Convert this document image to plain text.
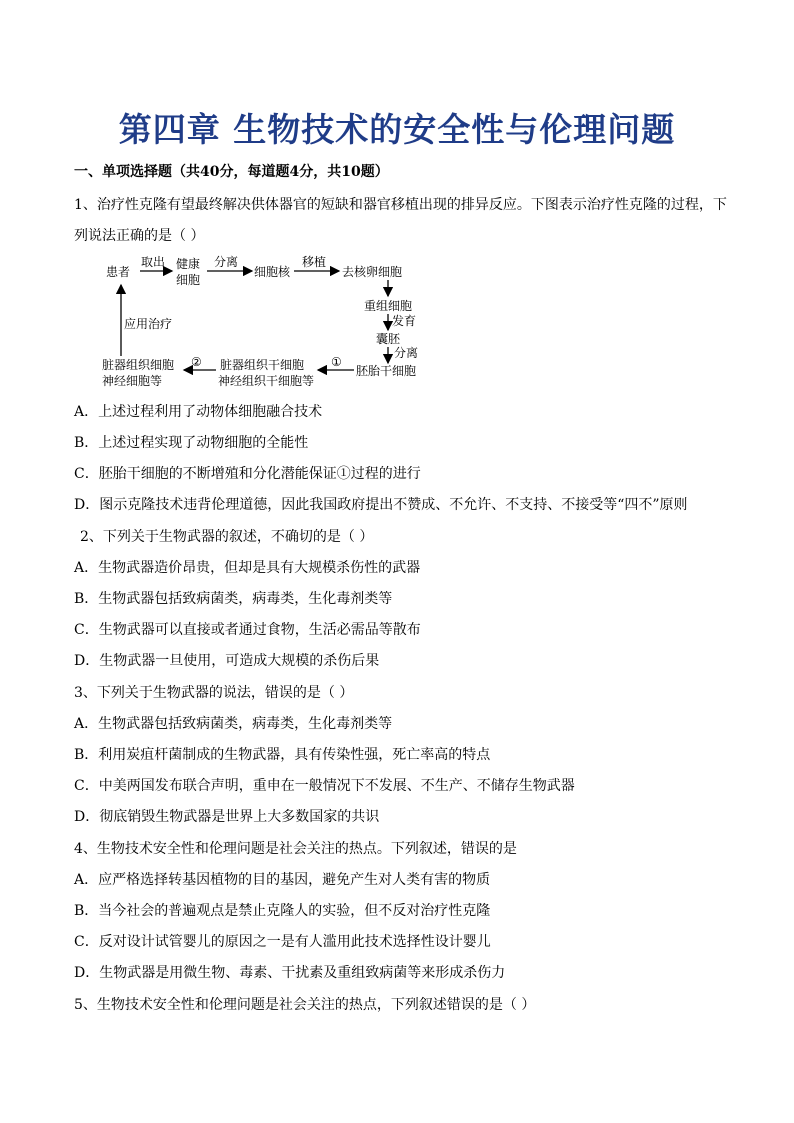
第四章 生物技术的安全性与伦理问题
一、单项选择题（共40分，每道题4分，共10题）
1、治疗性克隆有望最终解决供体器官的短缺和器官移植出现的排异反应。下图表示治疗性克隆的过程，下
列说法正确的是（ ）
患者
取出 健康
细胞
分离
细胞核
移植
去核卵细胞
重组细胞
发育
囊胚
分离
胚胎干细胞
①
脏器组织干细胞
神经组织干细胞等
②
脏器组织细胞
神经细胞等
应用治疗
A．上述过程利用了动物体细胞融合技术
B．上述过程实现了动物细胞的全能性
C．胚胎干细胞的不断增殖和分化潜能保证①过程的进行
D．图示克隆技术违背伦理道德，因此我国政府提出不赞成、不允许、不支持、不接受等“四不”原则
2、下列关于生物武器的叙述，不确切的是（ ）
A．生物武器造价昂贵，但却是具有大规模杀伤性的武器
B．生物武器包括致病菌类，病毒类，生化毒剂类等
C．生物武器可以直接或者通过食物，生活必需品等散布
D．生物武器一旦使用，可造成大规模的杀伤后果
3、下列关于生物武器的说法，错误的是（ ）
A．生物武器包括致病菌类，病毒类，生化毒剂类等
B．利用炭疽杆菌制成的生物武器，具有传染性强，死亡率高的特点
C．中美两国发布联合声明，重申在一般情况下不发展、不生产、不储存生物武器
D．彻底销毁生物武器是世界上大多数国家的共识
4、生物技术安全性和伦理问题是社会关注的热点。下列叙述，错误的是
A．应严格选择转基因植物的目的基因，避免产生对人类有害的物质
B．当今社会的普遍观点是禁止克隆人的实验，但不反对治疗性克隆
C．反对设计试管婴儿的原因之一是有人滥用此技术选择性设计婴儿
D．生物武器是用微生物、毒素、干扰素及重组致病菌等来形成杀伤力
5、生物技术安全性和伦理问题是社会关注的热点，下列叙述错误的是（ ）
